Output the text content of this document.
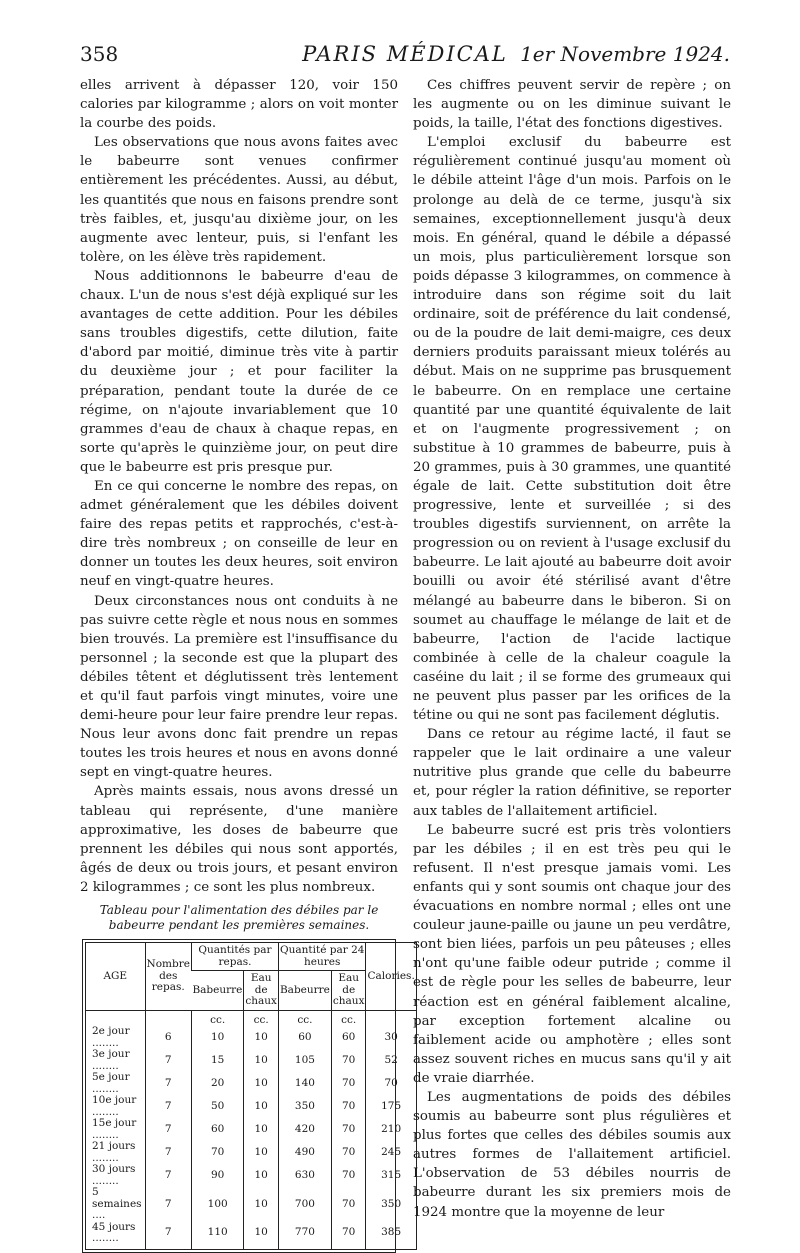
358	PARIS MÉDICAL 1er Novembre 1924.

elles arrivent à dépasser 120, voir 150 calories par kilogramme ; alors on voit monter la courbe des poids.

Les observations que nous avons faites avec le babeurre sont venues confirmer entièrement les précédentes. Aussi, au début, les quantités que nous en faisons prendre sont très faibles, et, jusqu'au dixième jour, on les augmente avec lenteur, puis, si l'enfant les tolère, on les élève très rapidement.

Nous additionnons le babeurre d'eau de chaux. L'un de nous s'est déjà expliqué sur les avantages de cette addition. Pour les débiles sans troubles digestifs, cette dilution, faite d'abord par moitié, diminue très vite à partir du deuxième jour ; et pour faciliter la préparation, pendant toute la durée de ce régime, on n'ajoute invariablement que 10 grammes d'eau de chaux à chaque repas, en sorte qu'après le quinzième jour, on peut dire que le babeurre est pris presque pur.

En ce qui concerne le nombre des repas, on admet généralement que les débiles doivent faire des repas petits et rapprochés, c'est-à-dire très nombreux ; on conseille de leur en donner un toutes les deux heures, soit environ neuf en vingt-quatre heures.

Deux circonstances nous ont conduits à ne pas suivre cette règle et nous nous en sommes bien trouvés. La première est l'insuffisance du personnel ; la seconde est que la plupart des débiles têtent et déglutissent très lentement et qu'il faut parfois vingt minutes, voire une demi-heure pour leur faire prendre leur repas. Nous leur avons donc fait prendre un repas toutes les trois heures et nous en avons donné sept en vingt-quatre heures.

Après maints essais, nous avons dressé un tableau qui représente, d'une manière approximative, les doses de babeurre que prennent les débiles qui nous sont apportés, âgés de deux ou trois jours, et pesant environ 2 kilogrammes ; ce sont les plus nombreux.

Tableau pour l'alimentation des débiles par le babeurre pendant les premières semaines.
AGE	Nombre des repas.	Quantités par repas.		Quantité par 24 heures		Calories.
		Babeurre	Eau de chaux	Babeurre	Eau de chaux	
		cc.	cc.	cc.	cc.	
2e jour ........	6	10	10	60	60	30
3e jour ........	7	15	10	105	70	52
5e jour ........	7	20	10	140	70	70
10e jour ........	7	50	10	350	70	175
15e jour ........	7	60	10	420	70	210
21 jours ........	7	70	10	490	70	245
30 jours ........	7	90	10	630	70	315
5 semaines ....	7	100	10	700	70	350
45 jours ........	7	110	10	770	70	385

Ces chiffres peuvent servir de repère ; on les augmente ou on les diminue suivant le poids, la taille, l'état des fonctions digestives.

L'emploi exclusif du babeurre est régulièrement continué jusqu'au moment où le débile atteint l'âge d'un mois. Parfois on le prolonge au delà de ce terme, jusqu'à six semaines, exceptionnellement jusqu'à deux mois. En général, quand le débile a dépassé un mois, plus particulièrement lorsque son poids dépasse 3 kilogrammes, on commence à introduire dans son régime soit du lait ordinaire, soit de préférence du lait condensé, ou de la poudre de lait demi-maigre, ces deux derniers produits paraissant mieux tolérés au début. Mais on ne supprime pas brusquement le babeurre. On en remplace une certaine quantité par une quantité équivalente de lait et on l'augmente progressivement ; on substitue à 10 grammes de babeurre, puis à 20 grammes, puis à 30 grammes, une quantité égale de lait. Cette substitution doit être progressive, lente et surveillée ; si des troubles digestifs surviennent, on arrête la progression ou on revient à l'usage exclusif du babeurre. Le lait ajouté au babeurre doit avoir bouilli ou avoir été stérilisé avant d'être mélangé au babeurre dans le biberon. Si on soumet au chauffage le mélange de lait et de babeurre, l'action de l'acide lactique combinée à celle de la chaleur coagule la caséine du lait ; il se forme des grumeaux qui ne peuvent plus passer par les orifices de la tétine ou qui ne sont pas facilement déglutis.

Dans ce retour au régime lacté, il faut se rappeler que le lait ordinaire a une valeur nutritive plus grande que celle du babeurre et, pour régler la ration définitive, se reporter aux tables de l'allaitement artificiel.

Le babeurre sucré est pris très volontiers par les débiles ; il en est très peu qui le refusent. Il n'est presque jamais vomi. Les enfants qui y sont soumis ont chaque jour des évacuations en nombre normal ; elles ont une couleur jaune-paille ou jaune un peu verdâtre, sont bien liées, parfois un peu pâteuses ; elles n'ont qu'une faible odeur putride ; comme il est de règle pour les selles de babeurre, leur réaction est en général faiblement alcaline, par exception fortement alcaline ou faiblement acide ou amphotère ; elles sont assez souvent riches en mucus sans qu'il y ait de vraie diarrhée.

Les augmentations de poids des débiles soumis au babeurre sont plus régulières et plus fortes que celles des débiles soumis aux autres formes de l'allaitement artificiel. L'observation de 53 débiles nourris de babeurre durant les six premiers mois de 1924 montre que la moyenne de leur
